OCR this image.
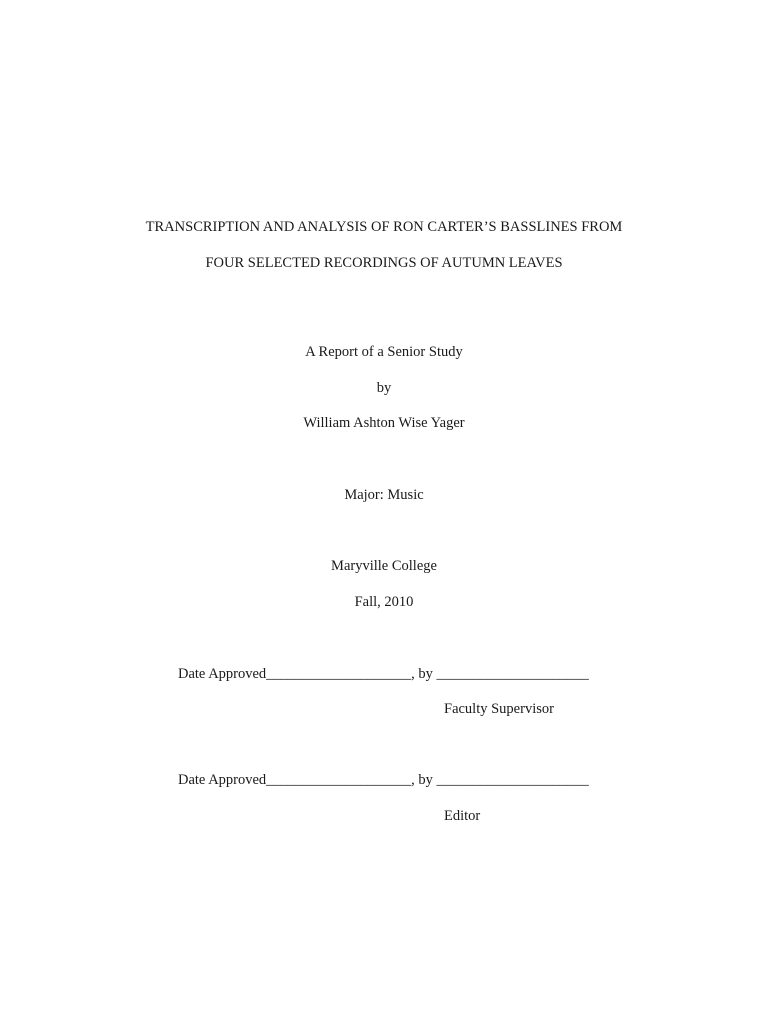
TRANSCRIPTION AND ANALYSIS OF RON CARTER’S BASSLINES FROM
FOUR SELECTED RECORDINGS OF AUTUMN LEAVES
A Report of a Senior Study
by
William Ashton Wise Yager
Major: Music
Maryville College
Fall, 2010
Date Approved____________________, by _____________________
Faculty Supervisor
Date Approved____________________, by _____________________
Editor
